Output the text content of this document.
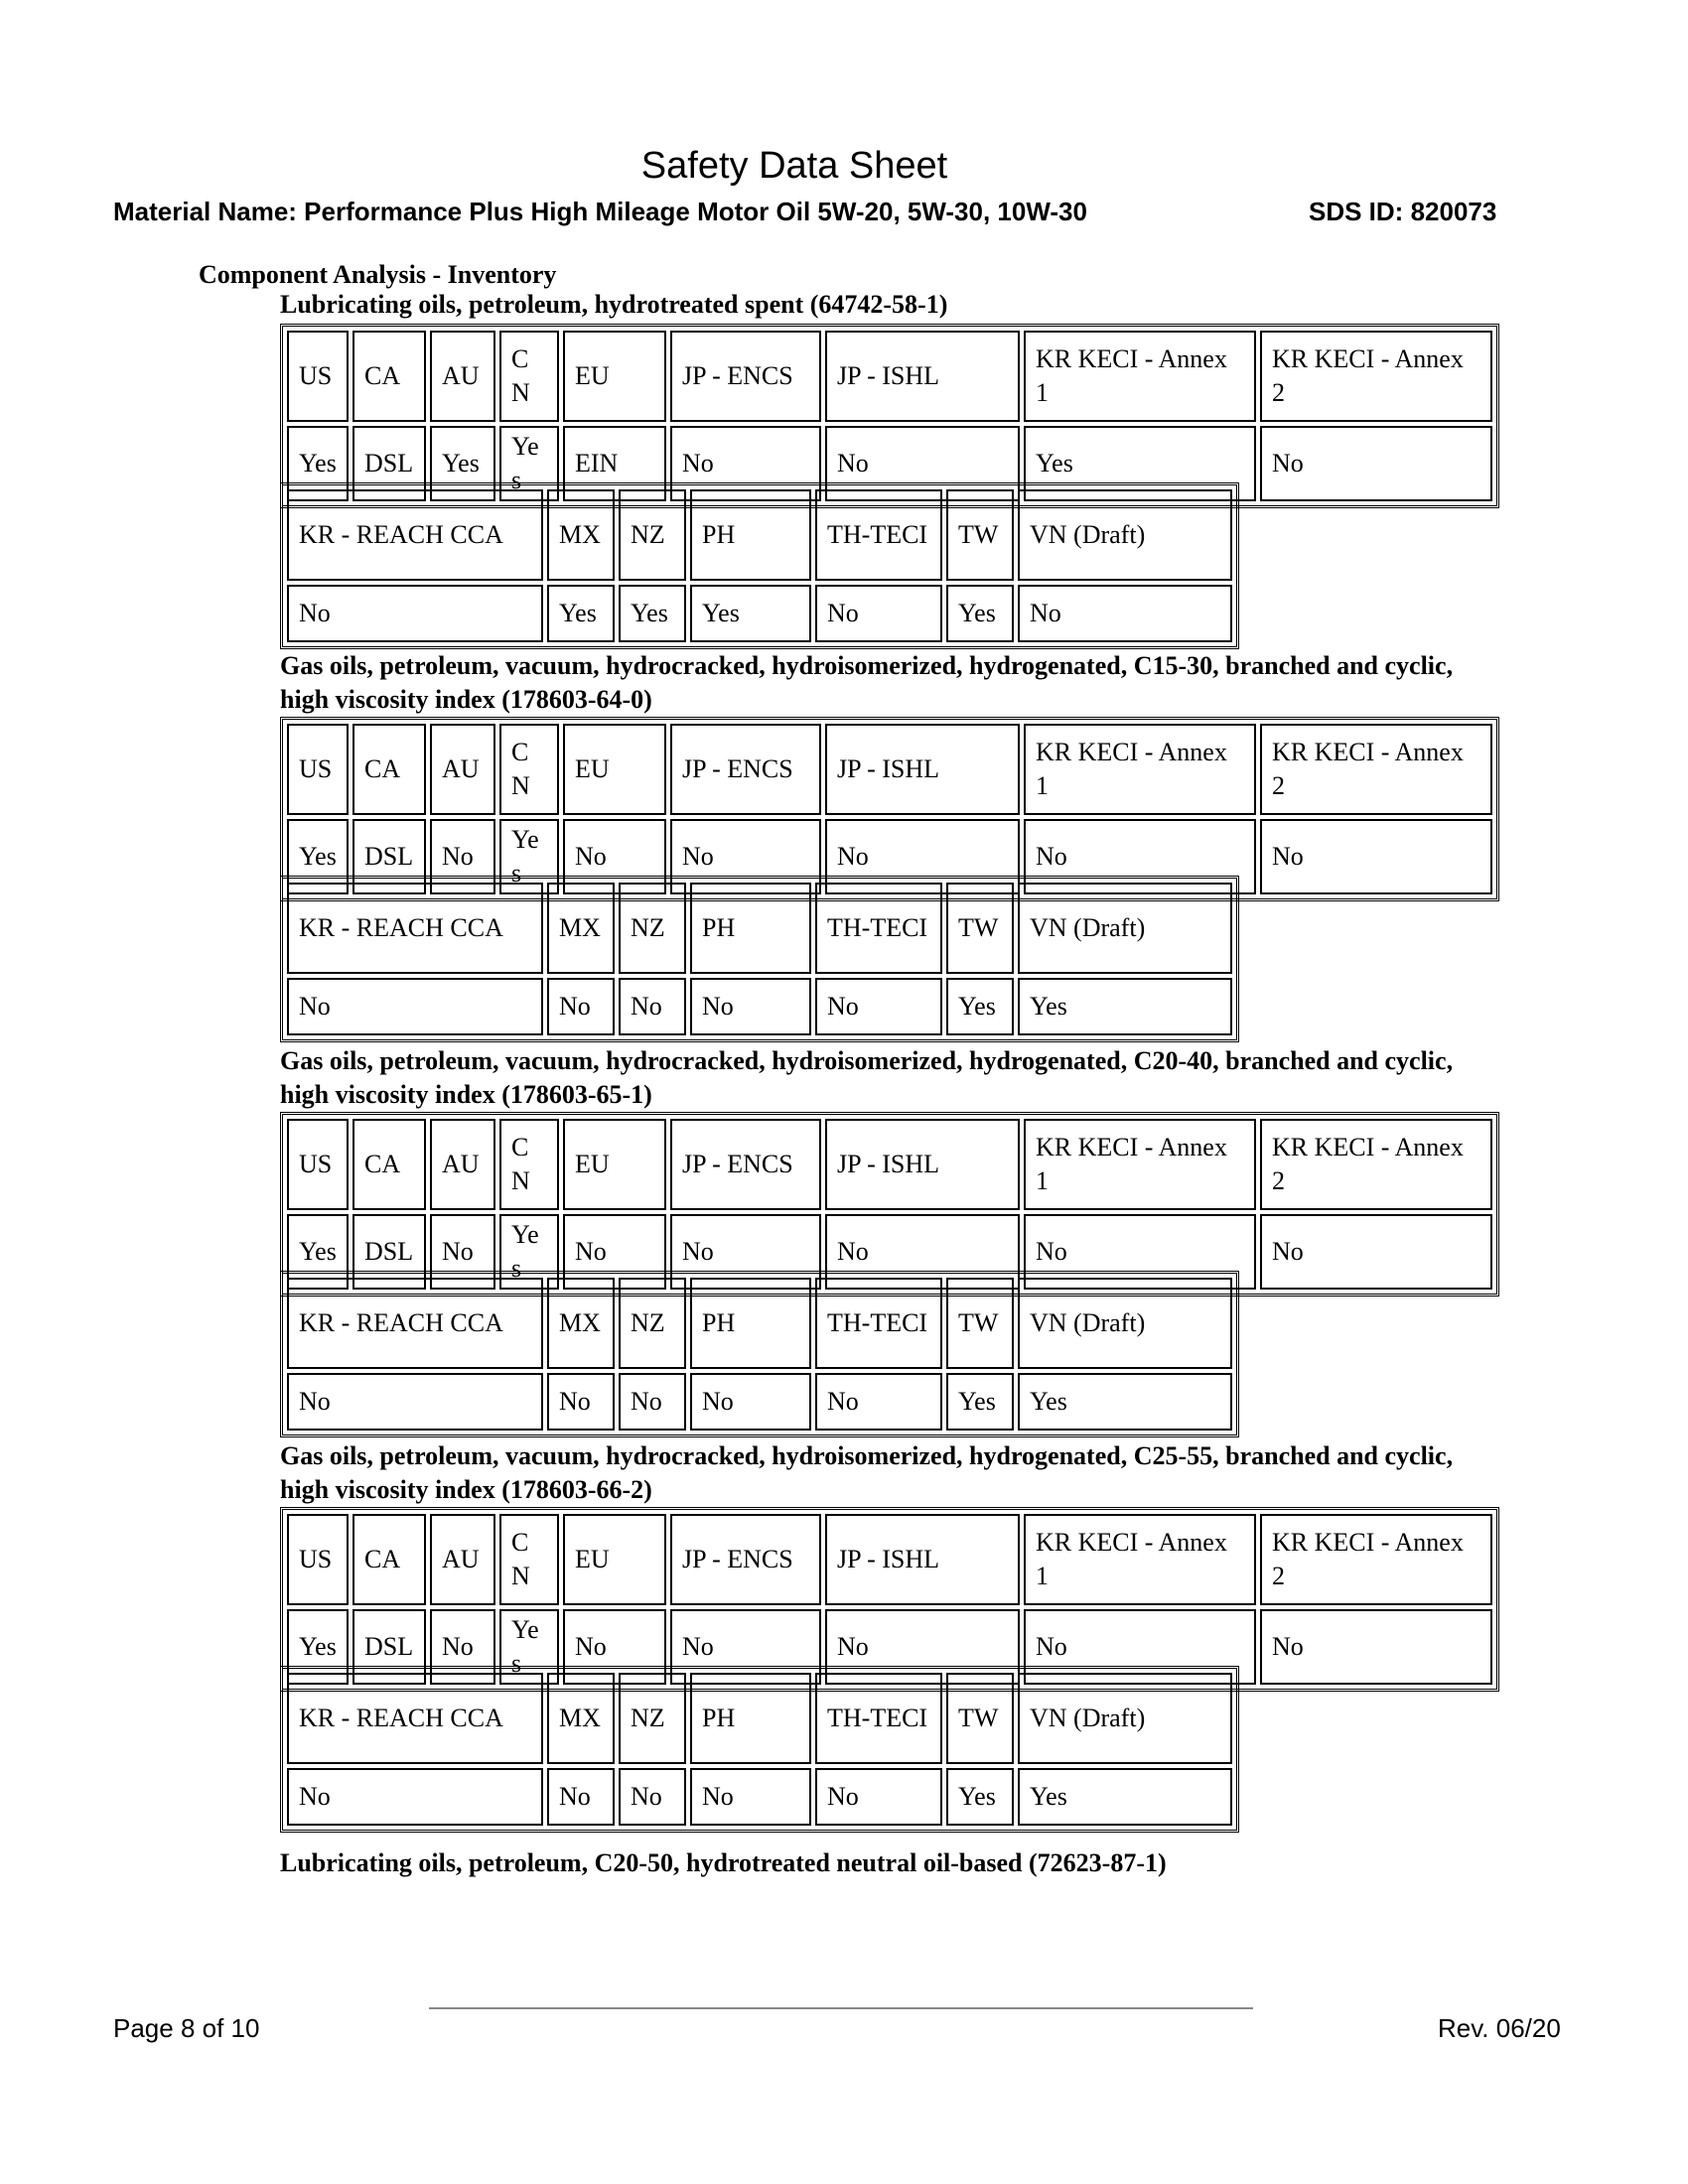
Safety Data Sheet
Material Name: Performance Plus High Mileage Motor Oil 5W-20, 5W-30, 10W-30	SDS ID: 820073
Component Analysis - Inventory
Lubricating oils, petroleum, hydrotreated spent (64742-58-1)
US	CA	AU	CN	EU	JP - ENCS	JP - ISHL	KR KECI - Annex 1	KR KECI - Annex 2
Yes	DSL	Yes	Yes	EIN	No	No	Yes	No
KR - REACH CCA	MX	NZ	PH	TH-TECI	TW	VN (Draft)
No	Yes	Yes	Yes	No	Yes	No
Gas oils, petroleum, vacuum, hydrocracked, hydroisomerized, hydrogenated, C15-30, branched and cyclic, high viscosity index (178603-64-0)
US	CA	AU	CN	EU	JP - ENCS	JP - ISHL	KR KECI - Annex 1	KR KECI - Annex 2
Yes	DSL	No	Yes	No	No	No	No	No
KR - REACH CCA	MX	NZ	PH	TH-TECI	TW	VN (Draft)
No	No	No	No	No	Yes	Yes
Gas oils, petroleum, vacuum, hydrocracked, hydroisomerized, hydrogenated, C20-40, branched and cyclic, high viscosity index (178603-65-1)
US	CA	AU	CN	EU	JP - ENCS	JP - ISHL	KR KECI - Annex 1	KR KECI - Annex 2
Yes	DSL	No	Yes	No	No	No	No	No
KR - REACH CCA	MX	NZ	PH	TH-TECI	TW	VN (Draft)
No	No	No	No	No	Yes	Yes
Gas oils, petroleum, vacuum, hydrocracked, hydroisomerized, hydrogenated, C25-55, branched and cyclic, high viscosity index (178603-66-2)
US	CA	AU	CN	EU	JP - ENCS	JP - ISHL	KR KECI - Annex 1	KR KECI - Annex 2
Yes	DSL	No	Yes	No	No	No	No	No
KR - REACH CCA	MX	NZ	PH	TH-TECI	TW	VN (Draft)
No	No	No	No	No	Yes	Yes
Lubricating oils, petroleum, C20-50, hydrotreated neutral oil-based (72623-87-1)
Page 8 of 10	Rev. 06/20
